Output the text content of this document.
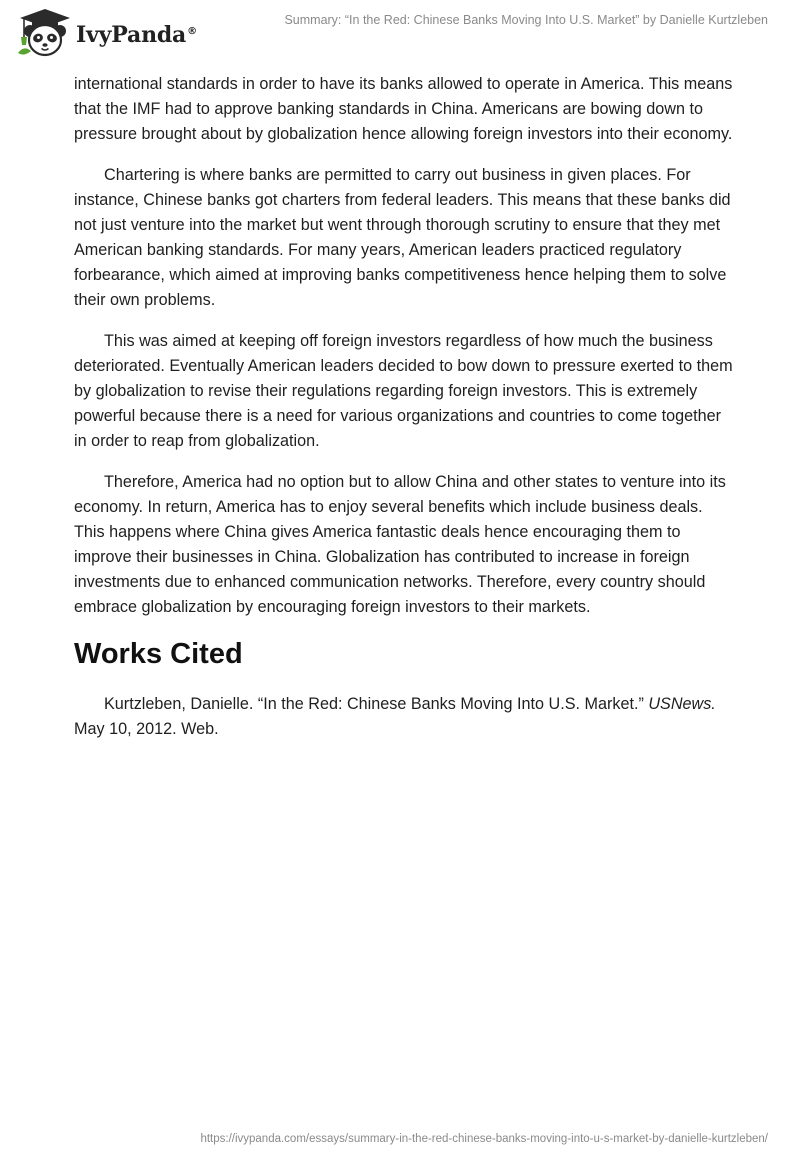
IvyPanda®
Summary: “In the Red: Chinese Banks Moving Into U.S. Market” by Danielle Kurtzleben

international standards in order to have its banks allowed to operate in America. This means that the IMF had to approve banking standards in China. Americans are bowing down to pressure brought about by globalization hence allowing foreign investors into their economy.

Chartering is where banks are permitted to carry out business in given places. For instance, Chinese banks got charters from federal leaders. This means that these banks did not just venture into the market but went through thorough scrutiny to ensure that they met American banking standards. For many years, American leaders practiced regulatory forbearance, which aimed at improving banks competitiveness hence helping them to solve their own problems.

This was aimed at keeping off foreign investors regardless of how much the business deteriorated. Eventually American leaders decided to bow down to pressure exerted to them by globalization to revise their regulations regarding foreign investors. This is extremely powerful because there is a need for various organizations and countries to come together in order to reap from globalization.

Therefore, America had no option but to allow China and other states to venture into its economy. In return, America has to enjoy several benefits which include business deals. This happens where China gives America fantastic deals hence encouraging them to improve their businesses in China. Globalization has contributed to increase in foreign investments due to enhanced communication networks. Therefore, every country should embrace globalization by encouraging foreign investors to their markets.

Works Cited

Kurtzleben, Danielle. “In the Red: Chinese Banks Moving Into U.S. Market.” USNews. May 10, 2012. Web.

https://ivypanda.com/essays/summary-in-the-red-chinese-banks-moving-into-u-s-market-by-danielle-kurtzleben/
